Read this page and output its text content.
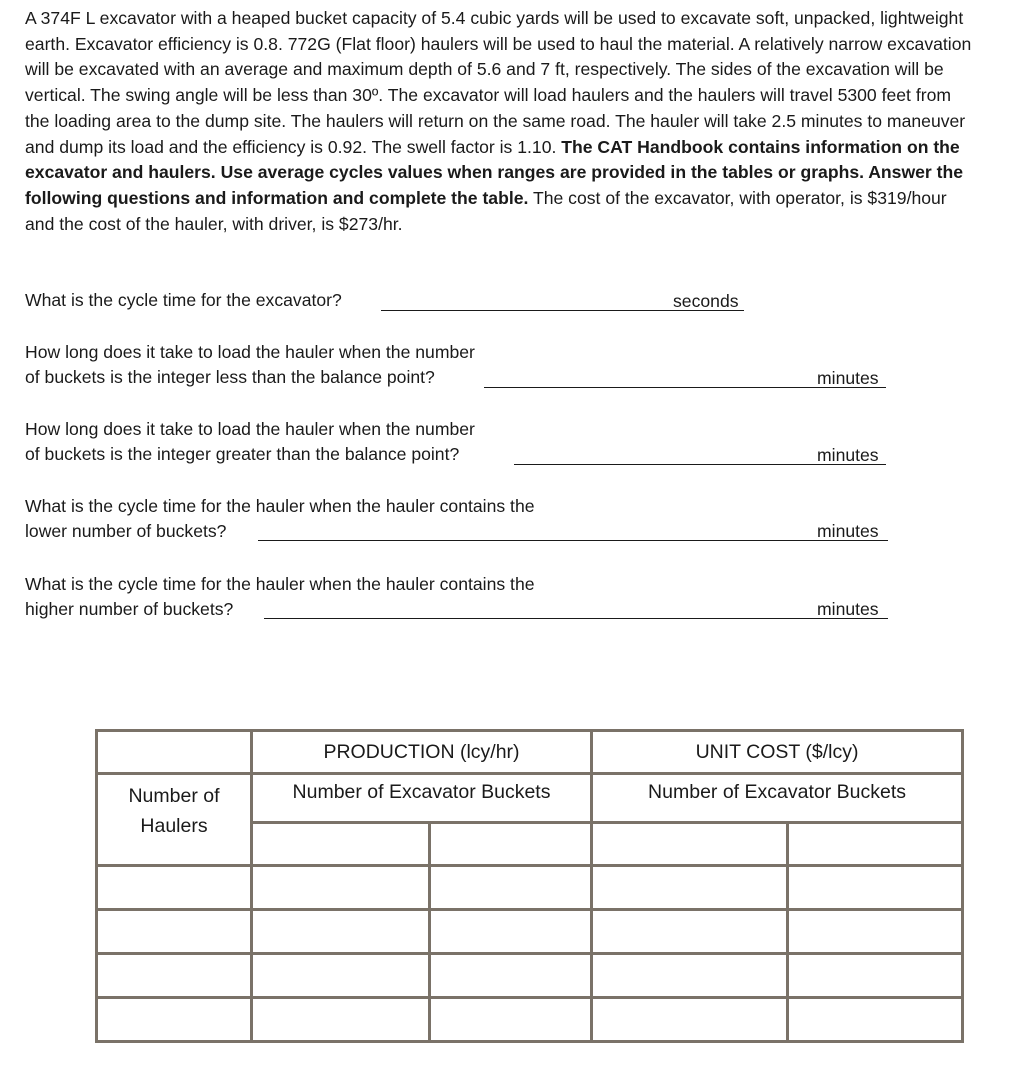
A 374F L excavator with a heaped bucket capacity of 5.4 cubic yards will be used to excavate soft, unpacked, lightweight earth. Excavator efficiency is 0.8. 772G (Flat floor) haulers will be used to haul the material. A relatively narrow excavation will be excavated with an average and maximum depth of 5.6 and 7 ft, respectively. The sides of the excavation will be vertical. The swing angle will be less than 30º. The excavator will load haulers and the haulers will travel 5300 feet from the loading area to the dump site. The haulers will return on the same road. The hauler will take 2.5 minutes to maneuver and dump its load and the efficiency is 0.92. The swell factor is 1.10. The CAT Handbook contains information on the excavator and haulers. Use average cycles values when ranges are provided in the tables or graphs. Answer the following questions and information and complete the table. The cost of the excavator, with operator, is $319/hour and the cost of the hauler, with driver, is $273/hr.

What is the cycle time for the excavator?	seconds
How long does it take to load the hauler when the number
of buckets is the integer less than the balance point?	minutes
How long does it take to load the hauler when the number
of buckets is the integer greater than the balance point?	minutes
What is the cycle time for the hauler when the hauler contains the
lower number of buckets?	minutes
What is the cycle time for the hauler when the hauler contains the
higher number of buckets?	minutes
	PRODUCTION (lcy/hr)		UNIT COST ($/lcy)	
Number of Haulers	Number of Excavator Buckets		Number of Excavator Buckets	
